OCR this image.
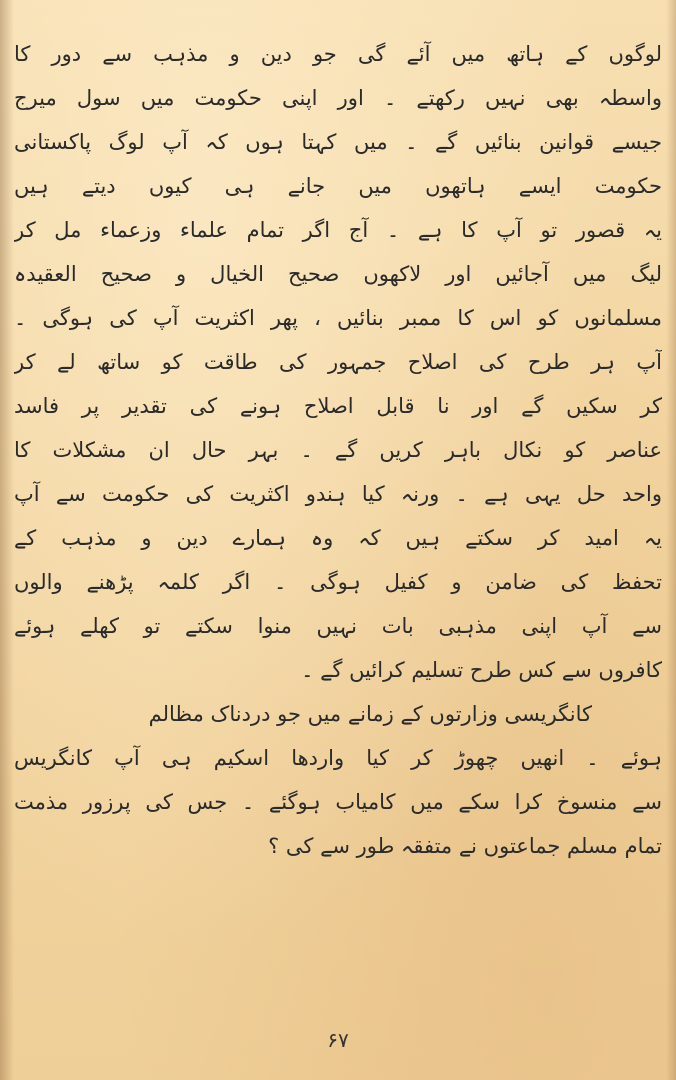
لوگوں کے ہاتھ میں آئے گی جو دین و مذہب سے دور کا
واسطہ بھی نہیں رکھتے ۔ اور اپنی حکومت میں سول میرج
جیسے قوانین بنائیں گے ۔ میں کہتا ہوں کہ آپ لوگ پاکستانی
حکومت ایسے ہاتھوں میں جانے ہی کیوں دیتے ہیں
یہ قصور تو آپ کا ہے ۔ آج اگر تمام علماء وزعماء مل کر
لیگ میں آجائیں اور لاکھوں صحیح الخیال و صحیح العقیدہ
مسلمانوں کو اس کا ممبر بنائیں ، پھر اکثریت آپ کی ہوگی ۔
آپ ہر طرح کی اصلاح جمہور کی طاقت کو ساتھ لے کر
کر سکیں گے اور نا قابل اصلاح ہونے کی تقدیر پر فاسد
عناصر کو نکال باہر کریں گے ۔ بہر حال ان مشکلات کا
واحد حل یہی ہے ۔ ورنہ کیا ہندو اکثریت کی حکومت سے آپ
یہ امید کر سکتے ہیں کہ وہ ہمارے دین و مذہب کے
تحفظ کی ضامن و کفیل ہوگی ۔ اگر کلمہ پڑھنے والوں
سے آپ اپنی مذہبی بات نہیں منوا سکتے تو کھلے ہوئے
کافروں سے کس طرح تسلیم کرائیں گے ۔
کانگریسی وزارتوں کے زمانے میں جو دردناک مظالم
ہوئے ۔ انھیں چھوڑ کر کیا واردھا اسکیم ہی آپ کانگریس
سے منسوخ کرا سکے میں کامیاب ہوگئے ۔ جس کی پرزور مذمت
تمام مسلم جماعتوں نے متفقہ طور سے کی ؟
۶۷
